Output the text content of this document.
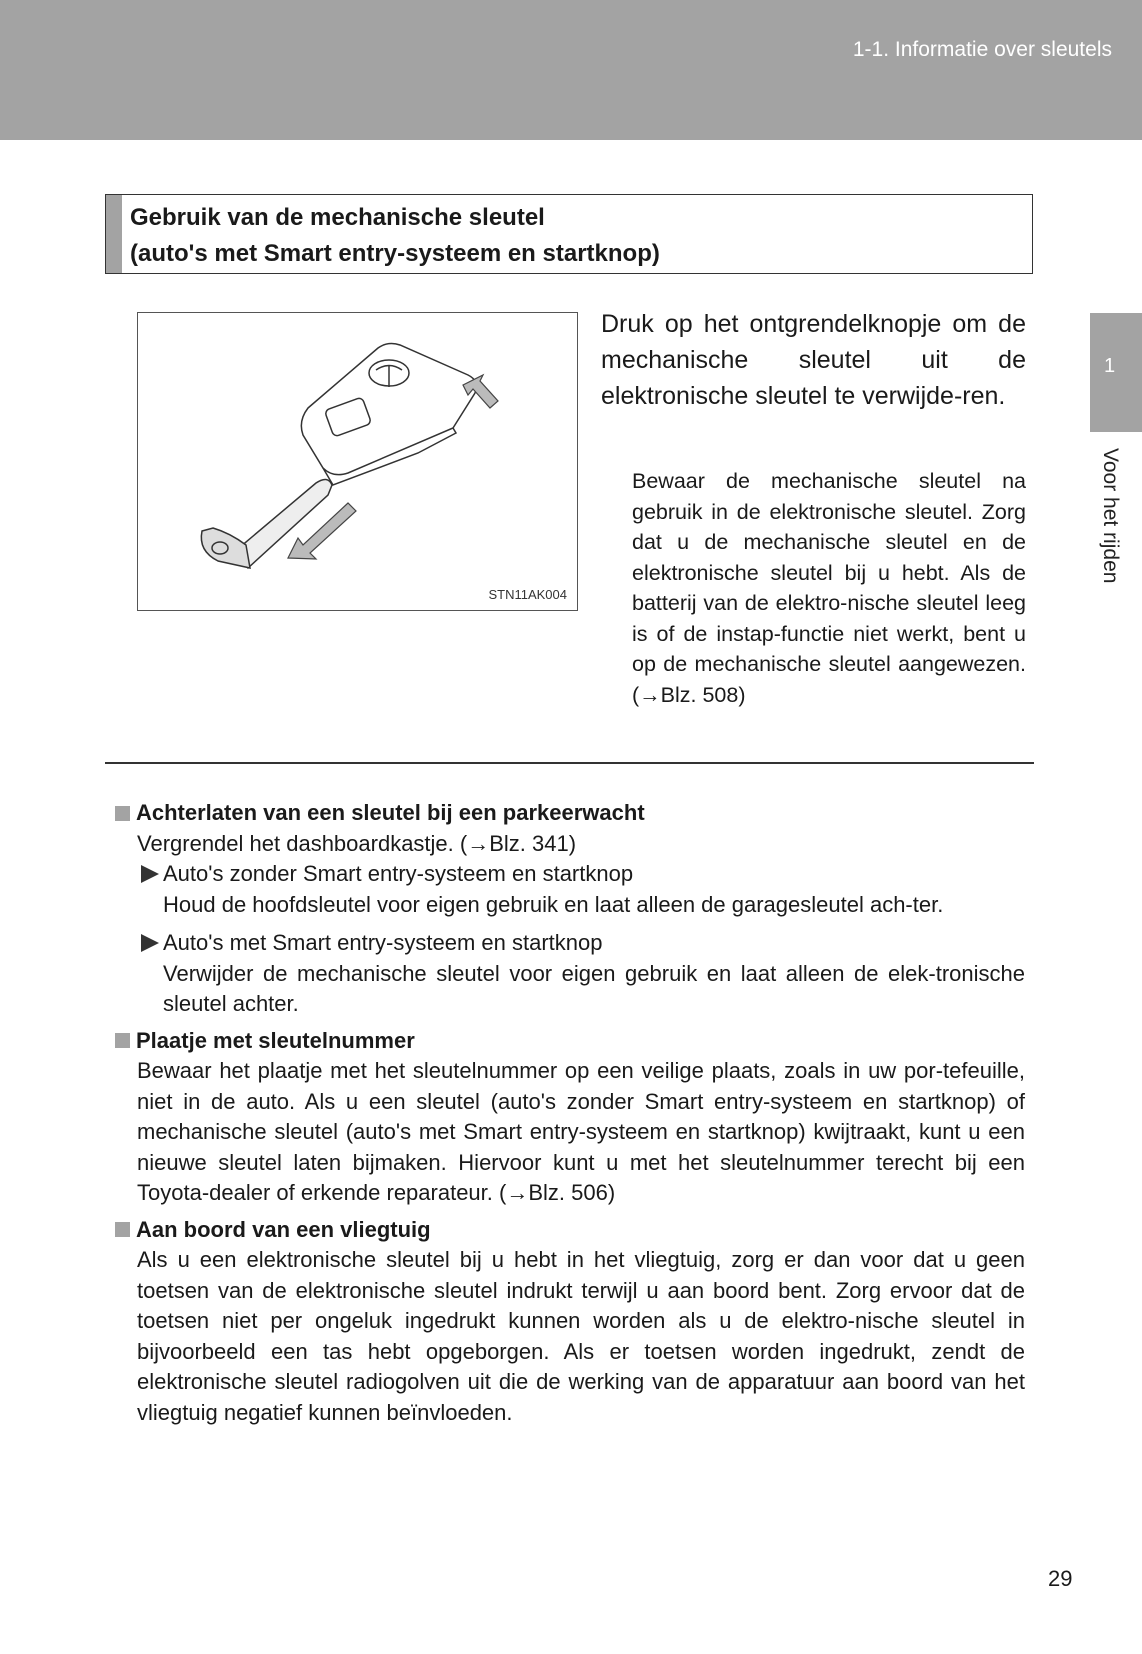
1-1. Informatie over sleutels
1
Voor het rijden
Gebruik van de mechanische sleutel
(auto's met Smart entry-systeem en startknop)
STN11AK004
Druk op het ontgrendelknopje om de mechanische sleutel uit de elektronische sleutel te verwijde-ren.
Bewaar de mechanische sleutel na gebruik in de elektronische sleutel. Zorg dat u de mechanische sleutel en de elektronische sleutel bij u hebt. Als de batterij van de elektro-nische sleutel leeg is of de instap-functie niet werkt, bent u op de mechanische sleutel aangewezen. (→Blz. 508)
Achterlaten van een sleutel bij een parkeerwacht
Vergrendel het dashboardkastje. (→Blz. 341)
Auto's zonder Smart entry-systeem en startknop
Houd de hoofdsleutel voor eigen gebruik en laat alleen de garagesleutel ach-ter.
Auto's met Smart entry-systeem en startknop
Verwijder de mechanische sleutel voor eigen gebruik en laat alleen de elek-tronische sleutel achter.
Plaatje met sleutelnummer
Bewaar het plaatje met het sleutelnummer op een veilige plaats, zoals in uw por-tefeuille, niet in de auto. Als u een sleutel (auto's zonder Smart entry-systeem en startknop) of mechanische sleutel (auto's met Smart entry-systeem en startknop) kwijtraakt, kunt u een nieuwe sleutel laten bijmaken. Hiervoor kunt u met het sleutelnummer terecht bij een Toyota-dealer of erkende reparateur. (→Blz. 506)
Aan boord van een vliegtuig
Als u een elektronische sleutel bij u hebt in het vliegtuig, zorg er dan voor dat u geen toetsen van de elektronische sleutel indrukt terwijl u aan boord bent. Zorg ervoor dat de toetsen niet per ongeluk ingedrukt kunnen worden als u de elektro-nische sleutel in bijvoorbeeld een tas hebt opgeborgen. Als er toetsen worden ingedrukt, zendt de elektronische sleutel radiogolven uit die de werking van de apparatuur aan boord van het vliegtuig negatief kunnen beïnvloeden.
29
